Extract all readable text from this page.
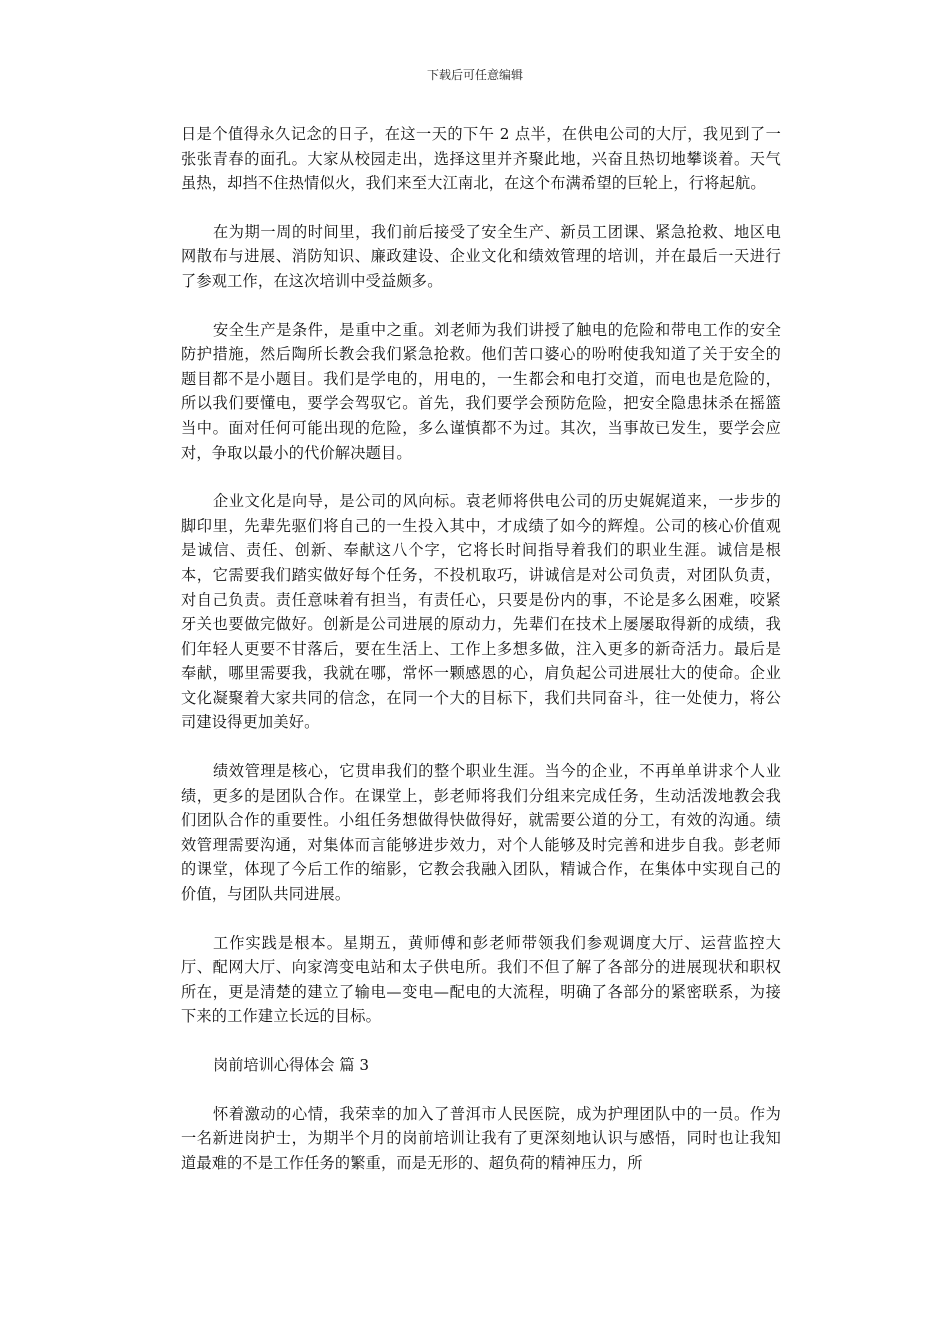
下载后可任意编辑

日是个值得永久记念的日子，在这一天的下午 2 点半，在供电公司的大厅，我见到了一张张青春的面孔。大家从校园走出，选择这里并齐聚此地，兴奋且热切地攀谈着。天气虽热，却挡不住热情似火，我们来至大江南北，在这个布满希望的巨轮上，行将起航。

在为期一周的时间里，我们前后接受了安全生产、新员工团课、紧急抢救、地区电网散布与进展、消防知识、廉政建设、企业文化和绩效管理的培训，并在最后一天进行了参观工作，在这次培训中受益颇多。

安全生产是条件，是重中之重。刘老师为我们讲授了触电的危险和带电工作的安全防护措施，然后陶所长教会我们紧急抢救。他们苦口婆心的吩咐使我知道了关于安全的题目都不是小题目。我们是学电的，用电的，一生都会和电打交道，而电也是危险的，所以我们要懂电，要学会驾驭它。首先，我们要学会预防危险，把安全隐患抹杀在摇篮当中。面对任何可能出现的危险，多么谨慎都不为过。其次，当事故已发生，要学会应对，争取以最小的代价解决题目。

企业文化是向导，是公司的风向标。袁老师将供电公司的历史娓娓道来，一步步的脚印里，先辈先驱们将自己的一生投入其中，才成绩了如今的辉煌。公司的核心价值观是诚信、责任、创新、奉献这八个字，它将长时间指导着我们的职业生涯。诚信是根本，它需要我们踏实做好每个任务，不投机取巧，讲诚信是对公司负责，对团队负责，对自己负责。责任意味着有担当，有责任心，只要是份内的事，不论是多么困难，咬紧牙关也要做完做好。创新是公司进展的原动力，先辈们在技术上屡屡取得新的成绩，我们年轻人更要不甘落后，要在生活上、工作上多想多做，注入更多的新奇活力。最后是奉献，哪里需要我，我就在哪，常怀一颗感恩的心，肩负起公司进展壮大的使命。企业文化凝聚着大家共同的信念，在同一个大的目标下，我们共同奋斗，往一处使力，将公司建设得更加美好。

绩效管理是核心，它贯串我们的整个职业生涯。当今的企业，不再单单讲求个人业绩，更多的是团队合作。在课堂上，彭老师将我们分组来完成任务，生动活泼地教会我们团队合作的重要性。小组任务想做得快做得好，就需要公道的分工，有效的沟通。绩效管理需要沟通，对集体而言能够进步效力，对个人能够及时完善和进步自我。彭老师的课堂，体现了今后工作的缩影，它教会我融入团队，精诚合作，在集体中实现自己的价值，与团队共同进展。

工作实践是根本。星期五，黄师傅和彭老师带领我们参观调度大厅、运营监控大厅、配网大厅、向家湾变电站和太子供电所。我们不但了解了各部分的进展现状和职权所在，更是清楚的建立了输电—变电—配电的大流程，明确了各部分的紧密联系，为接下来的工作建立长远的目标。

岗前培训心得体会 篇 3

怀着激动的心情，我荣幸的加入了普洱市人民医院，成为护理团队中的一员。作为一名新进岗护士，为期半个月的岗前培训让我有了更深刻地认识与感悟，同时也让我知道最难的不是工作任务的繁重，而是无形的、超负荷的精神压力，所
